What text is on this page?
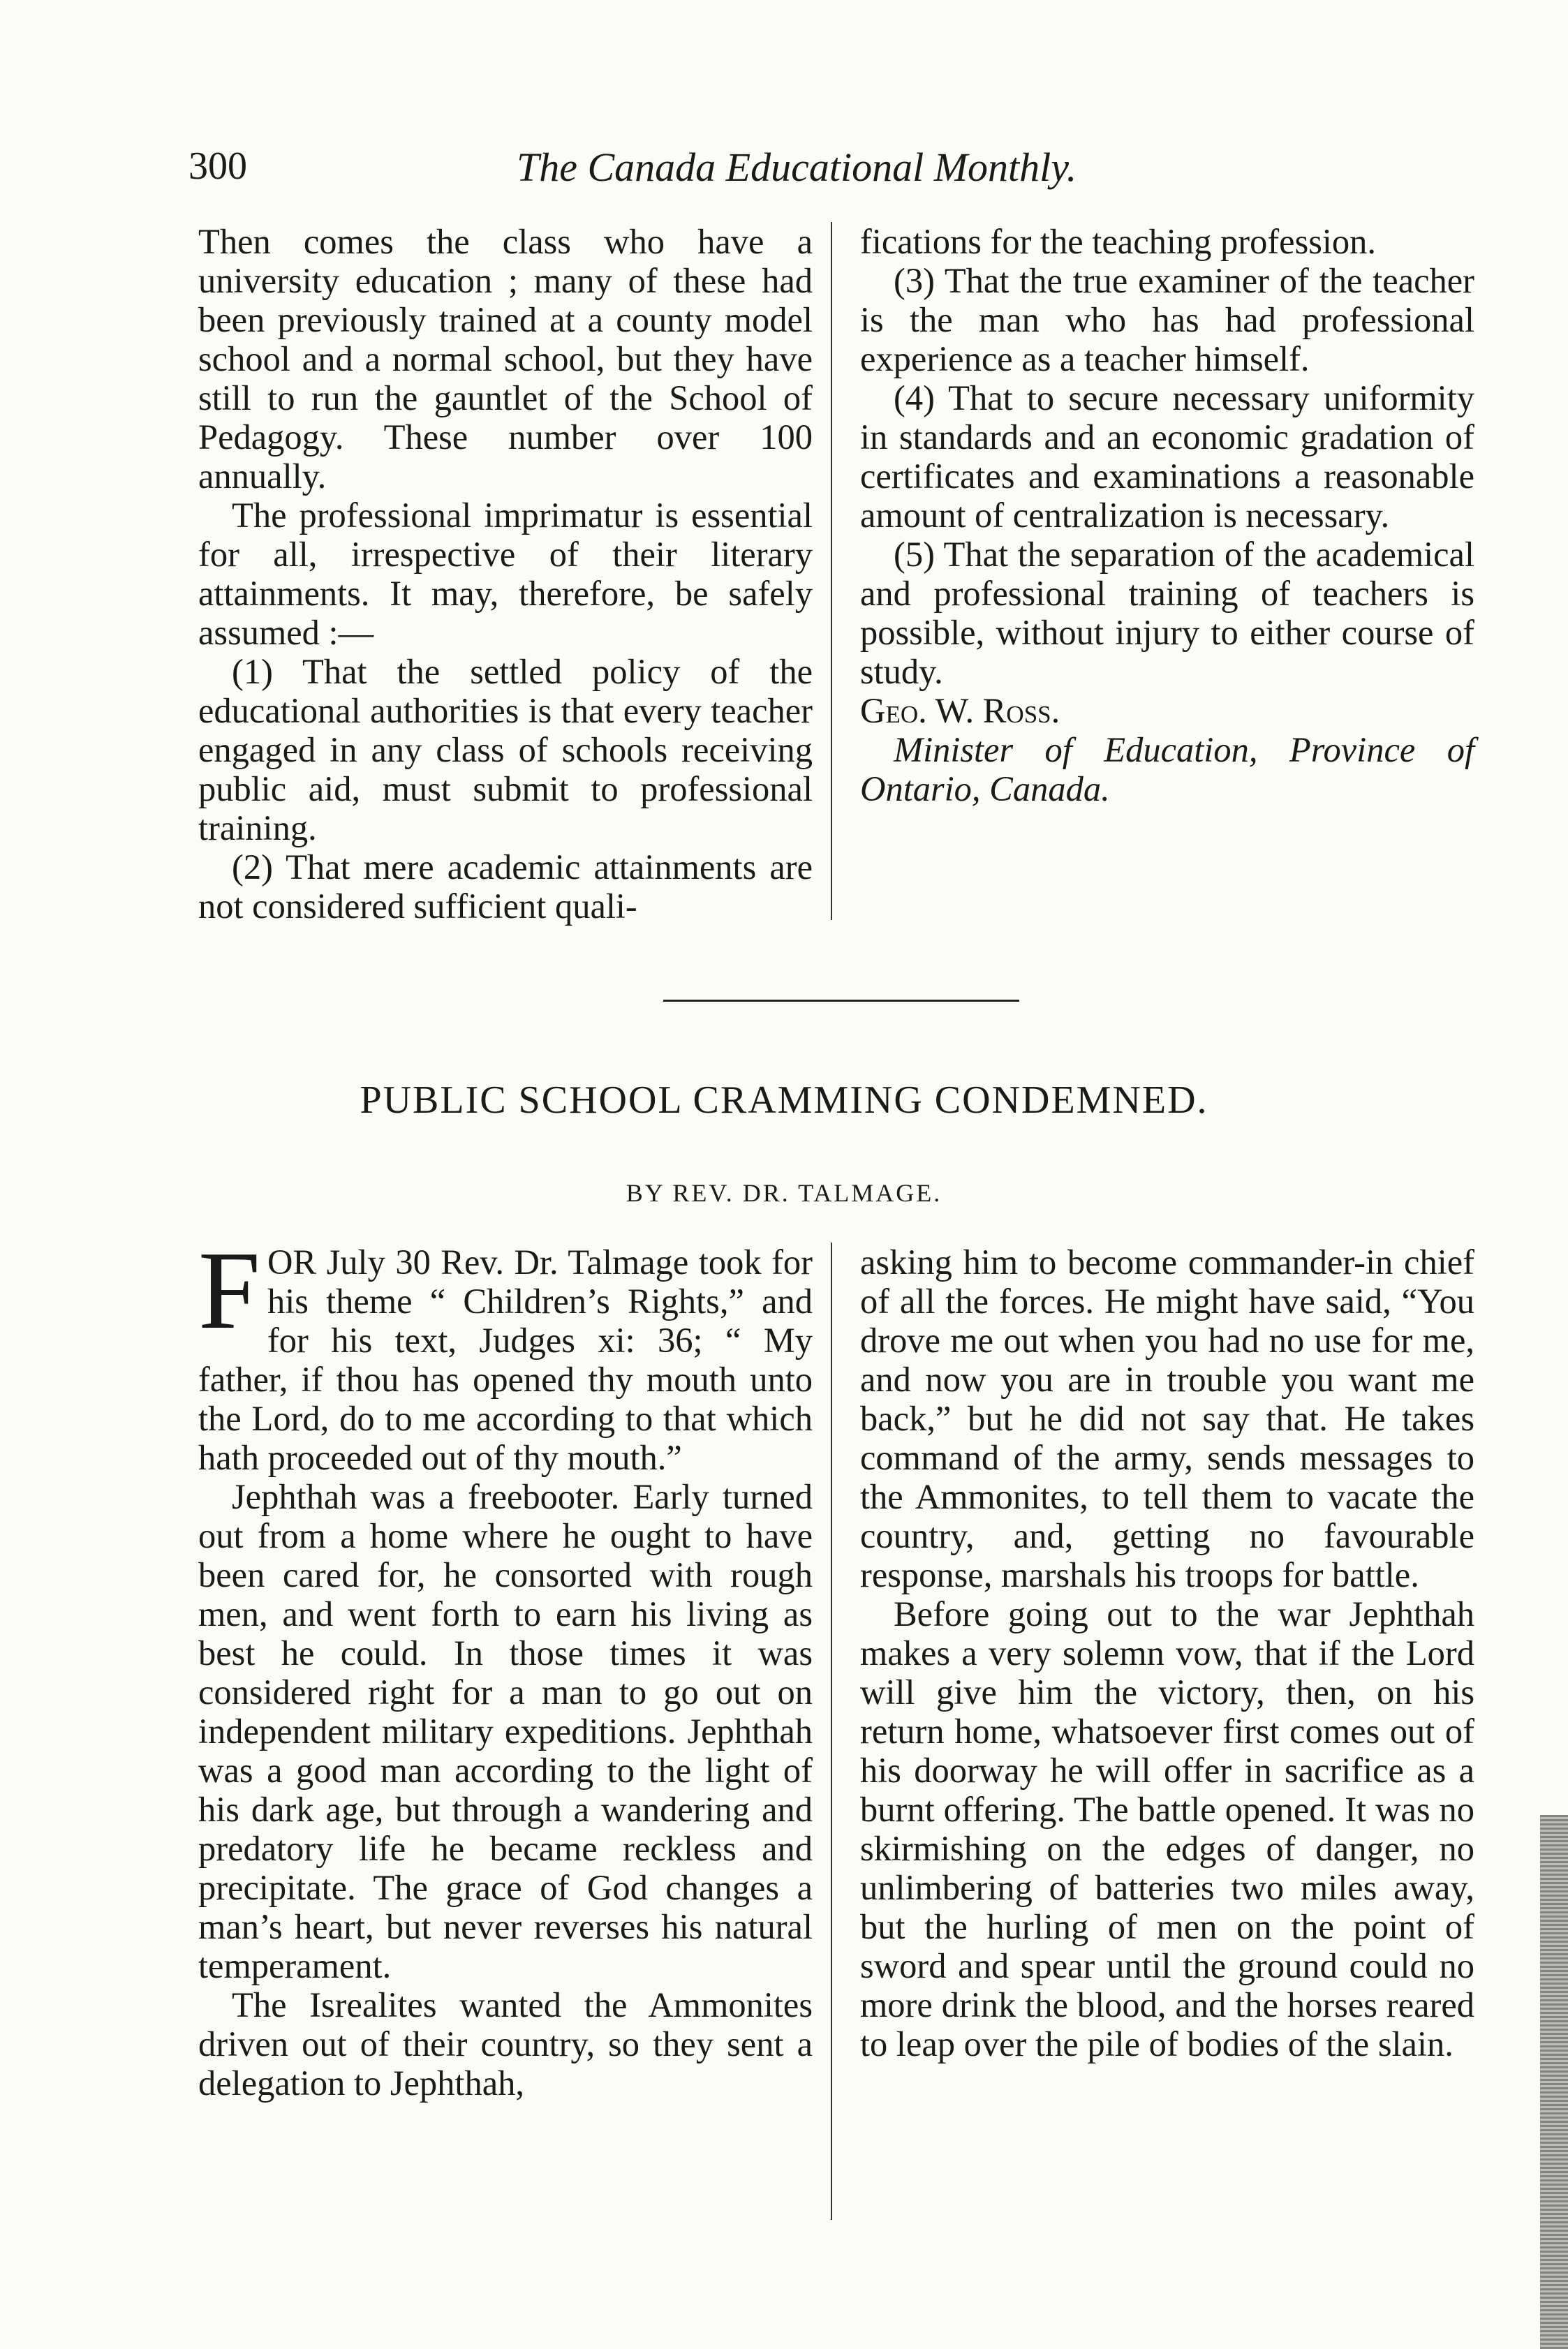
300	The Canada Educational Monthly.

Then comes the class who have a university education ; many of these had been previously trained at a county model school and a normal school, but they have still to run the gauntlet of the School of Pedagogy. These number over 100 annually.

The professional imprimatur is essential for all, irrespective of their literary attainments. It may, therefore, be safely assumed :—

(1) That the settled policy of the educational authorities is that every teacher engaged in any class of schools receiving public aid, must submit to professional training.

(2) That mere academic attainments are not considered sufficient quali-

fications for the teaching profession.

(3) That the true examiner of the teacher is the man who has had professional experience as a teacher himself.

(4) That to secure necessary uniformity in standards and an economic gradation of certificates and examinations a reasonable amount of centralization is necessary.

(5) That the separation of the academical and professional training of teachers is possible, without injury to either course of study.

Geo. W. Ross.

Minister of Education, Province of Ontario, Canada.

PUBLIC SCHOOL CRAMMING CONDEMNED.
BY REV. DR. TALMAGE.

FOR July 30 Rev. Dr. Talmage took for his theme “ Children’s Rights,” and for his text, Judges xi: 36; “ My father, if thou has opened thy mouth unto the Lord, do to me according to that which hath proceeded out of thy mouth.”

Jephthah was a freebooter. Early turned out from a home where he ought to have been cared for, he consorted with rough men, and went forth to earn his living as best he could. In those times it was considered right for a man to go out on independent military expeditions. Jephthah was a good man according to the light of his dark age, but through a wandering and predatory life he became reckless and precipitate. The grace of God changes a man’s heart, but never reverses his natural temperament.

The Isrealites wanted the Ammonites driven out of their country, so they sent a delegation to Jephthah,

asking him to become commander-in chief of all the forces. He might have said, “You drove me out when you had no use for me, and now you are in trouble you want me back,” but he did not say that. He takes command of the army, sends messages to the Ammonites, to tell them to vacate the country, and, getting no favourable response, marshals his troops for battle.

Before going out to the war Jephthah makes a very solemn vow, that if the Lord will give him the victory, then, on his return home, whatsoever first comes out of his doorway he will offer in sacrifice as a burnt offering. The battle opened. It was no skirmishing on the edges of danger, no unlimbering of batteries two miles away, but the hurling of men on the point of sword and spear until the ground could no more drink the blood, and the horses reared to leap over the pile of bodies of the slain.
